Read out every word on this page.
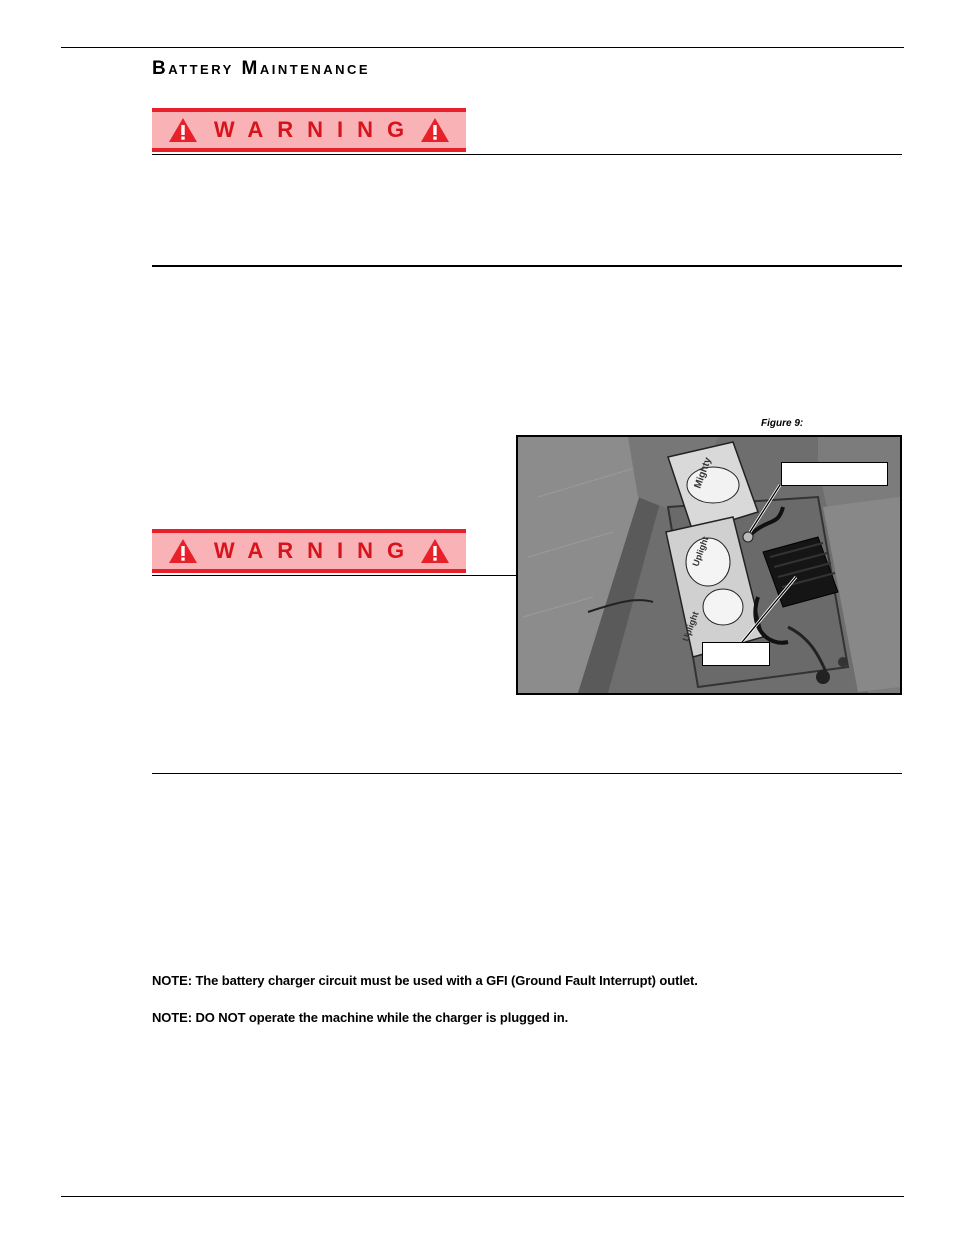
Battery Maintenance
WARNING
Figure 9:
Mighty
Uplight
Uplight
WARNING

NOTE: The battery charger circuit must be used with a GFI (Ground Fault Interrupt) outlet.

NOTE: DO NOT operate the machine while the charger is plugged in.
